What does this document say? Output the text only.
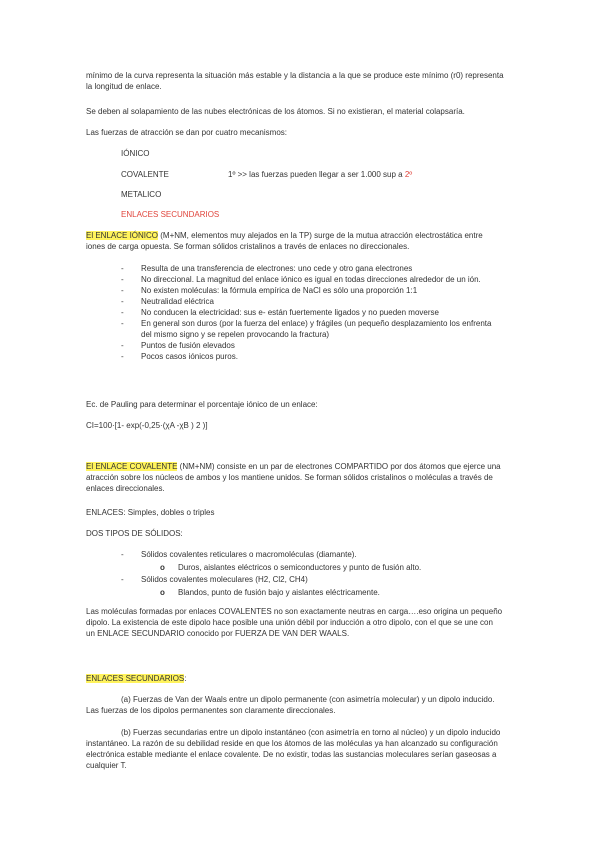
mínimo de la curva representa la situación más estable y la distancia a la que se produce este mínimo (r0) representa la longitud de enlace.

Se deben al solapamiento de las nubes electrónicas de los átomos. Si no existieran, el material colapsaría.

Las fuerzas de atracción se dan por cuatro mecanismos:

IÓNICO

COVALENTE	1º >> las fuerzas pueden llegar a ser 1.000 sup a 2º

METALICO

ENLACES SECUNDARIOS

El ENLACE IÓNICO (M+NM, elementos muy alejados en la TP) surge de la mutua atracción electrostática entre iones de carga opuesta. Se forman sólidos cristalinos a través de enlaces no direccionales.

- Resulta de una transferencia de electrones: uno cede y otro gana electrones
- No direccional. La magnitud del enlace iónico es igual en todas direcciones alrededor de un ión.
- No existen moléculas: la fórmula empírica de NaCl es sólo una proporción 1:1
- Neutralidad eléctrica
- No conducen la electricidad: sus e- están fuertemente ligados y no pueden moverse
- En general son duros (por la fuerza del enlace) y frágiles (un pequeño desplazamiento los enfrenta del mismo signo y se repelen provocando la fractura)
- Puntos de fusión elevados
- Pocos casos iónicos puros.

Ec. de Pauling para determinar el porcentaje iónico de un enlace:

CI=100·[1- exp(-0,25·(χA -χB ) 2 )]

El ENLACE COVALENTE (NM+NM) consiste en un par de electrones COMPARTIDO por dos átomos que ejerce una atracción sobre los núcleos de ambos y los mantiene unidos. Se forman sólidos cristalinos o moléculas a través de enlaces direccionales.

ENLACES: Simples, dobles o triples

DOS TIPOS DE SÓLIDOS:

- Sólidos covalentes reticulares o macromoléculas (diamante).
o Duros, aislantes eléctricos o semiconductores y punto de fusión alto.
- Sólidos covalentes moleculares (H2, Cl2, CH4)
o Blandos, punto de fusión bajo y aislantes eléctricamente.

Las moléculas formadas por enlaces COVALENTES no son exactamente neutras en carga….eso origina un pequeño dipolo. La existencia de este dipolo hace posible una unión débil por inducción a otro dipolo, con el que se une con un ENLACE SECUNDARIO conocido por FUERZA DE VAN DER WAALS.

ENLACES SECUNDARIOS:

(a) Fuerzas de Van der Waals entre un dipolo permanente (con asimetría molecular) y un dipolo inducido. Las fuerzas de los dipolos permanentes son claramente direccionales.

(b) Fuerzas secundarias entre un dipolo instantáneo (con asimetría en torno al núcleo) y un dipolo inducido instantáneo. La razón de su debilidad reside en que los átomos de las moléculas ya han alcanzado su configuración electrónica estable mediante el enlace covalente. De no existir, todas las sustancias moleculares serían gaseosas a cualquier T.
